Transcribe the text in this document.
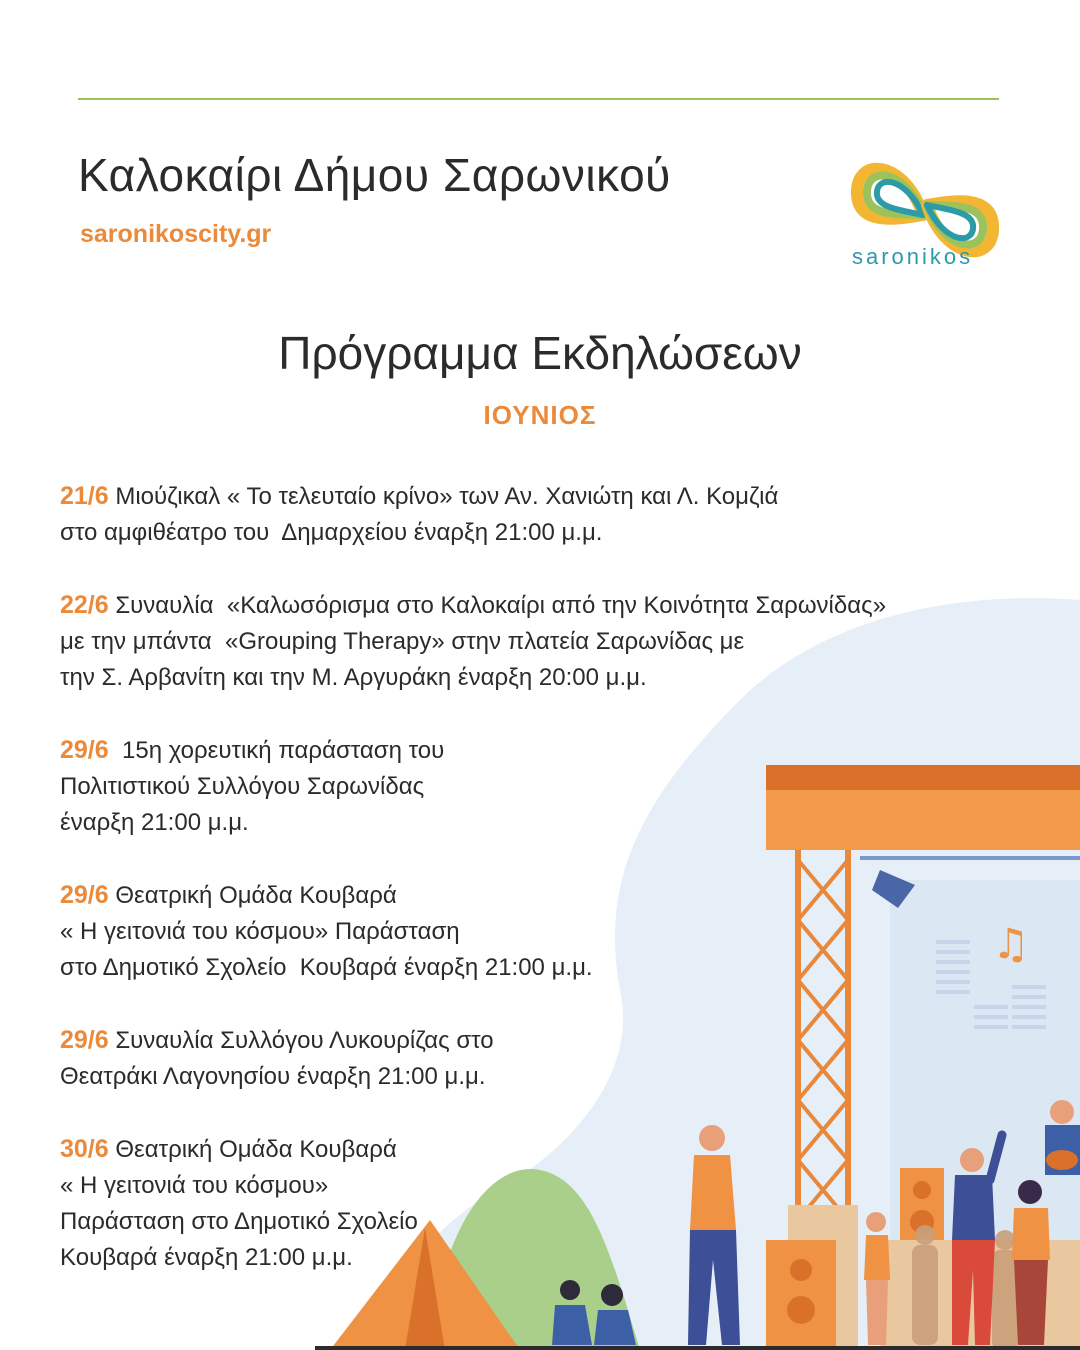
Καλοκαίρι Δήμου Σαρωνικού
saronikoscity.gr
saronikos
Πρόγραμμα Εκδηλώσεων
ΙΟΥΝΙΟΣ
♫
21/6 Μιούζικαλ « Το τελευταίο κρίνο» των Αν. Χανιώτη και Λ. Κομζιά
στο αμφιθέατρο του  Δημαρχείου έναρξη 21:00 μ.μ.
22/6 Συναυλία  «Καλωσόρισμα στο Καλοκαίρι από την Κοινότητα Σαρωνίδας»
με την μπάντα  «Grouping Therapy» στην πλατεία Σαρωνίδας με
την Σ. Αρβανίτη και την Μ. Αργυράκη έναρξη 20:00 μ.μ.
29/6  15η χορευτική παράσταση του
Πολιτιστικού Συλλόγου Σαρωνίδας
έναρξη 21:00 μ.μ.
29/6 Θεατρική Ομάδα Κουβαρά
« Η γειτονιά του κόσμου» Παράσταση
στο Δημοτικό Σχολείο  Κουβαρά έναρξη 21:00 μ.μ.
29/6 Συναυλία Συλλόγου Λυκουρίζας στο
Θεατράκι Λαγονησίου έναρξη 21:00 μ.μ.
30/6 Θεατρική Ομάδα Κουβαρά
« Η γειτονιά του κόσμου»
Παράσταση στο Δημοτικό Σχολείο
Κουβαρά έναρξη 21:00 μ.μ.
